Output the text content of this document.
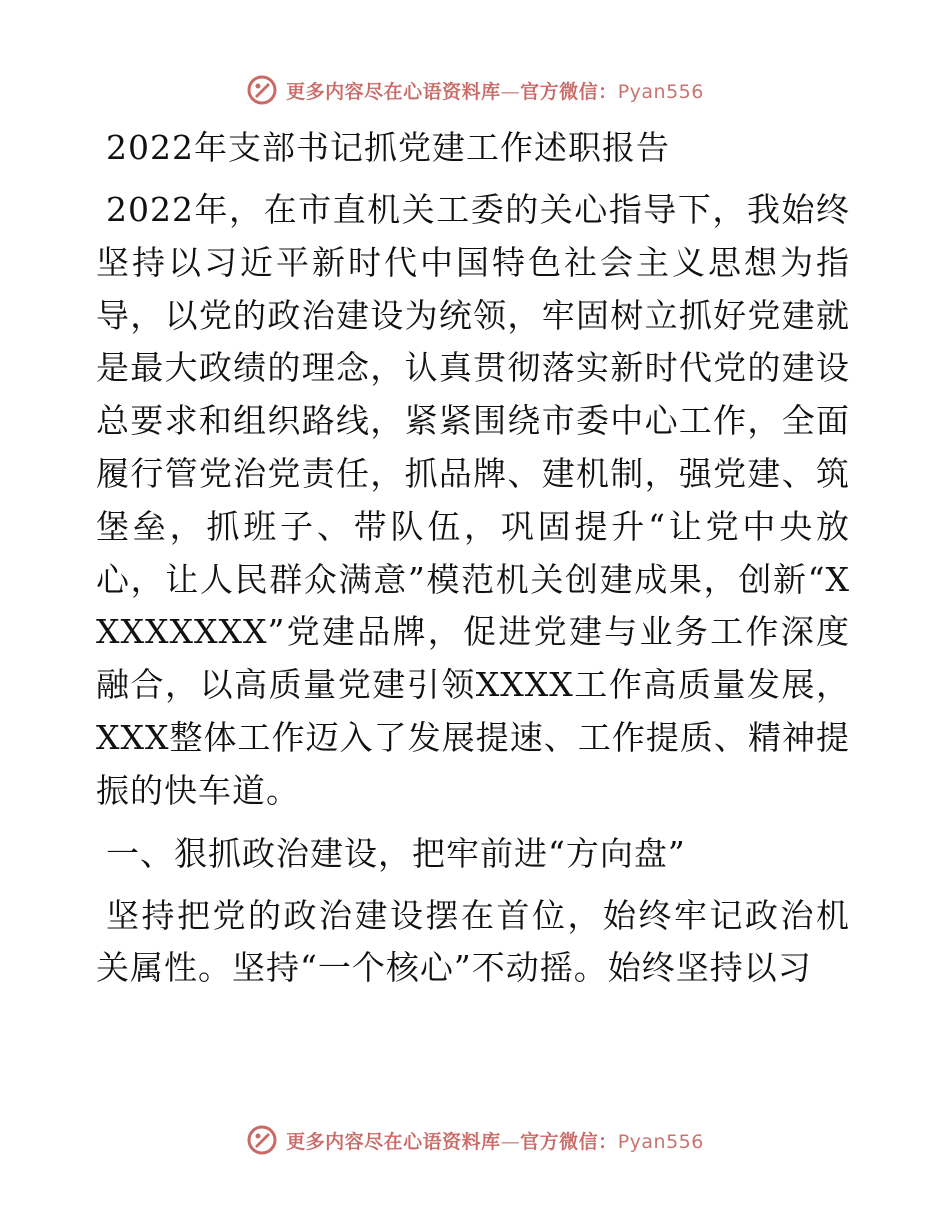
更多内容尽在心语资料库—官方微信：Pyan556
2022年支部书记抓党建工作述职报告

2022年，在市直机关工委的关心指导下，我始终坚持以习近平新时代中国特色社会主义思想为指导，以党的政治建设为统领，牢固树立抓好党建就是最大政绩的理念，认真贯彻落实新时代党的建设总要求和组织路线，紧紧围绕市委中心工作，全面履行管党治党责任，抓品牌、建机制，强党建、筑堡垒，抓班子、带队伍，巩固提升“让党中央放心，让人民群众满意”模范机关创建成果，创新“XXXXXXXX”党建品牌，促进党建与业务工作深度融合，以高质量党建引领XXXX工作高质量发展，XXX整体工作迈入了发展提速、工作提质、精神提振的快车道。

一、狠抓政治建设，把牢前进“方向盘”

坚持把党的政治建设摆在首位，始终牢记政治机关属性。坚持“一个核心”不动摇。始终坚持以习

更多内容尽在心语资料库—官方微信：Pyan556
